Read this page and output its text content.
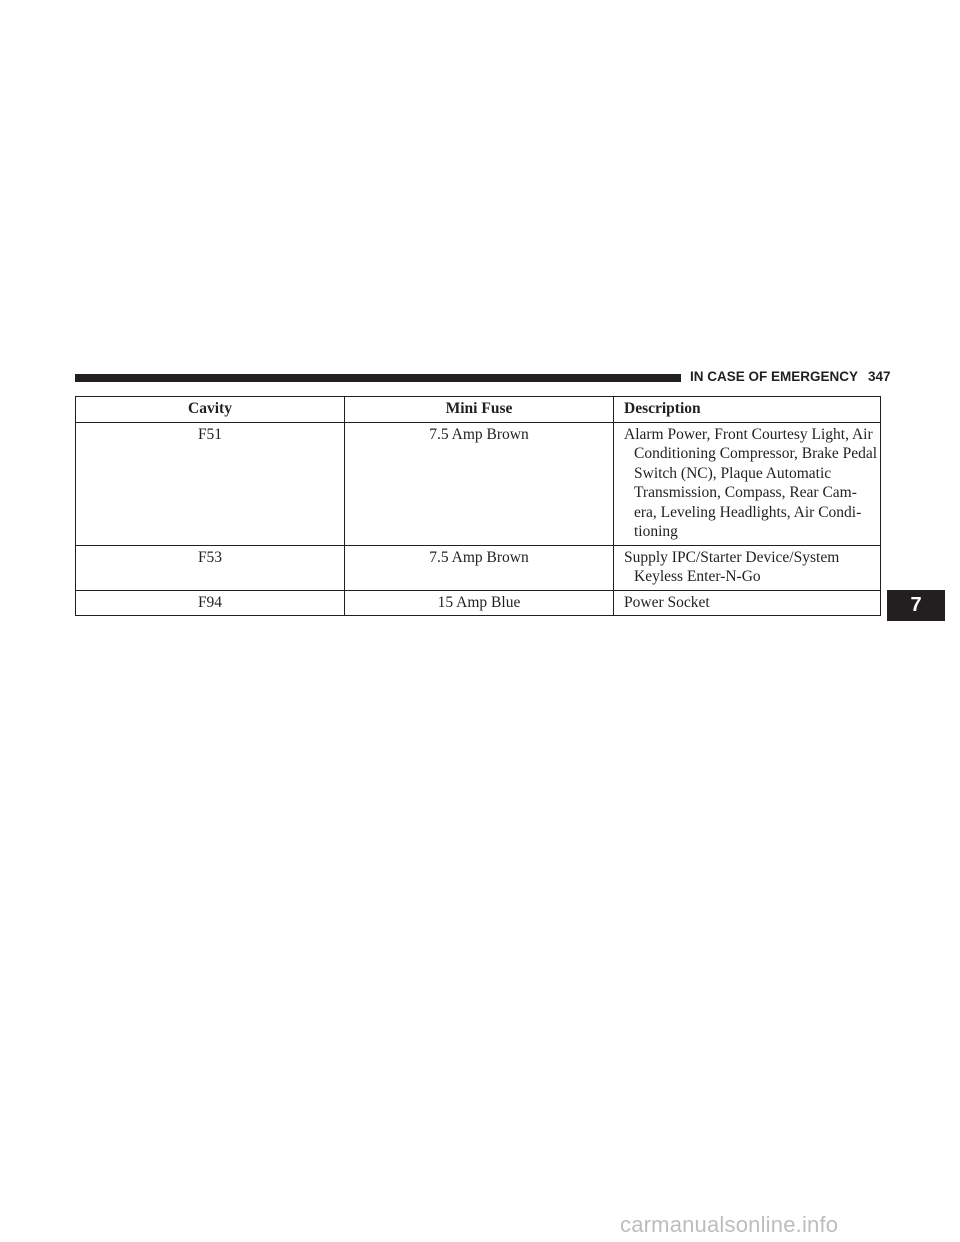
IN CASE OF EMERGENCY 347
Cavity	Mini Fuse	Description
F51	7.5 Amp Brown	Alarm Power, Front Courtesy Light, Air Conditioning Compressor, Brake Pedal Switch (NC), Plaque Automatic Transmission, Compass, Rear Cam- era, Leveling Headlights, Air Condi- tioning
F53	7.5 Amp Brown	Supply IPC/Starter Device/System Keyless Enter-N-Go
F94	15 Amp Blue	Power Socket	7
carmanualsonline.info
